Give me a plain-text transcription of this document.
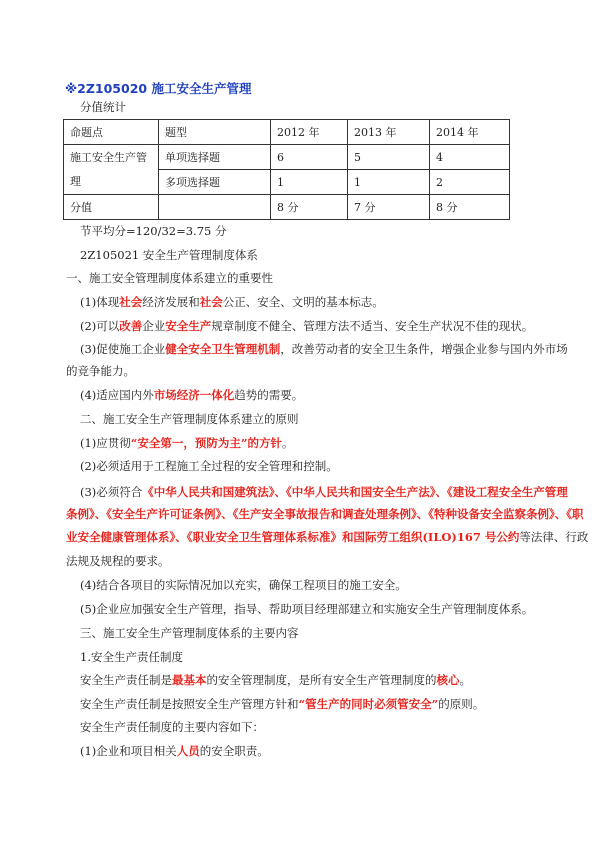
※2Z105020 施工安全生产管理
分值统计
命题点	题型	2012 年	2013 年	2014 年
施工安全生产管理	单项选择题	6	5	4
	多项选择题	1	1	2
分值		8 分	7 分	8 分
节平均分=120/32=3.75 分
2Z105021 安全生产管理制度体系
一、施工安全管理制度体系建立的重要性
(1)体现社会经济发展和社会公正、安全、文明的基本标志。
(2)可以改善企业安全生产规章制度不健全、管理方法不适当、安全生产状况不佳的现状。
(3)促使施工企业健全安全卫生管理机制，改善劳动者的安全卫生条件，增强企业参与国内外市场
的竞争能力。
(4)适应国内外市场经济一体化趋势的需要。
二、施工安全生产管理制度体系建立的原则
(1)应贯彻“安全第一，预防为主”的方针。
(2)必须适用于工程施工全过程的安全管理和控制。
(3)必须符合《中华人民共和国建筑法》、《中华人民共和国安全生产法》、《建设工程安全生产管理
条例》、《安全生产许可证条例》、《生产安全事故报告和调查处理条例》、《特种设备安全监察条例》、《职
业安全健康管理体系》、《职业安全卫生管理体系标准》和国际劳工组织(ILO)167 号公约等法律、行政
法规及规程的要求。
(4)结合各项目的实际情况加以充实，确保工程项目的施工安全。
(5)企业应加强安全生产管理，指导、帮助项目经理部建立和实施安全生产管理制度体系。
三、施工安全生产管理制度体系的主要内容
1.安全生产责任制度
安全生产责任制是最基本的安全管理制度，是所有安全生产管理制度的核心。
安全生产责任制是按照安全生产管理方针和“管生产的同时必须管安全”的原则。
安全生产责任制度的主要内容如下：
(1)企业和项目相关人员的安全职责。
